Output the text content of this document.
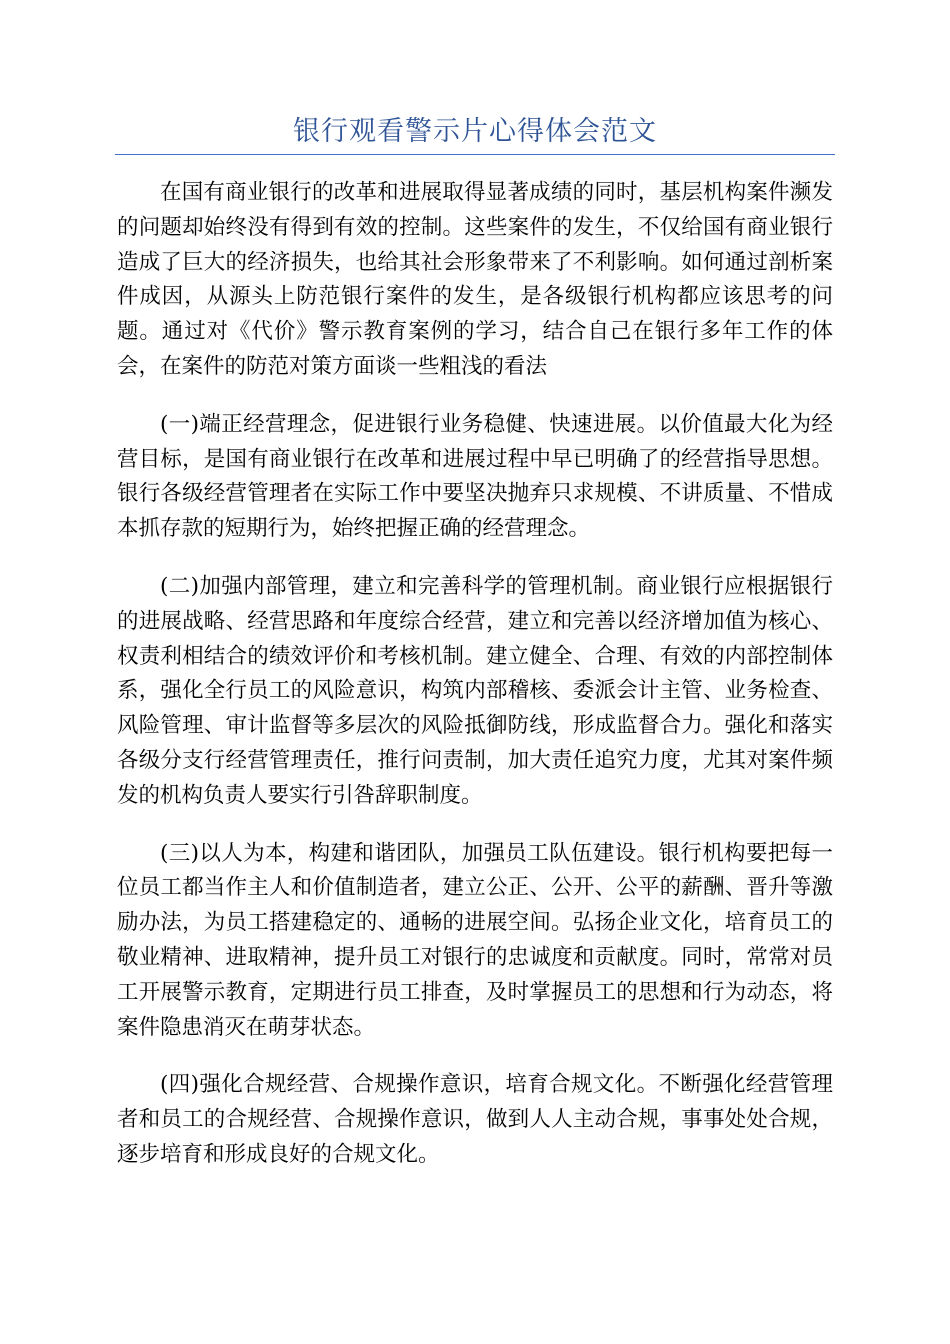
银行观看警示片心得体会范文

在国有商业银行的改革和进展取得显著成绩的同时，基层机构案件濒发的问题却始终没有得到有效的控制。这些案件的发生，不仅给国有商业银行造成了巨大的经济损失，也给其社会形象带来了不利影响。如何通过剖析案件成因，从源头上防范银行案件的发生，是各级银行机构都应该思考的问题。通过对《代价》警示教育案例的学习，结合自己在银行多年工作的体会，在案件的防范对策方面谈一些粗浅的看法

(一)端正经营理念，促进银行业务稳健、快速进展。以价值最大化为经营目标，是国有商业银行在改革和进展过程中早已明确了的经营指导思想。银行各级经营管理者在实际工作中要坚决抛弃只求规模、不讲质量、不惜成本抓存款的短期行为，始终把握正确的经营理念。

(二)加强内部管理，建立和完善科学的管理机制。商业银行应根据银行的进展战略、经营思路和年度综合经营，建立和完善以经济增加值为核心、权责利相结合的绩效评价和考核机制。建立健全、合理、有效的内部控制体系，强化全行员工的风险意识，构筑内部稽核、委派会计主管、业务检查、风险管理、审计监督等多层次的风险抵御防线，形成监督合力。强化和落实各级分支行经营管理责任，推行问责制，加大责任追究力度，尤其对案件频发的机构负责人要实行引咎辞职制度。

(三)以人为本，构建和谐团队，加强员工队伍建设。银行机构要把每一位员工都当作主人和价值制造者，建立公正、公开、公平的薪酬、晋升等激励办法，为员工搭建稳定的、通畅的进展空间。弘扬企业文化，培育员工的敬业精神、进取精神，提升员工对银行的忠诚度和贡献度。同时，常常对员工开展警示教育，定期进行员工排查，及时掌握员工的思想和行为动态，将案件隐患消灭在萌芽状态。

(四)强化合规经营、合规操作意识，培育合规文化。不断强化经营管理者和员工的合规经营、合规操作意识，做到人人主动合规，事事处处合规，逐步培育和形成良好的合规文化。
